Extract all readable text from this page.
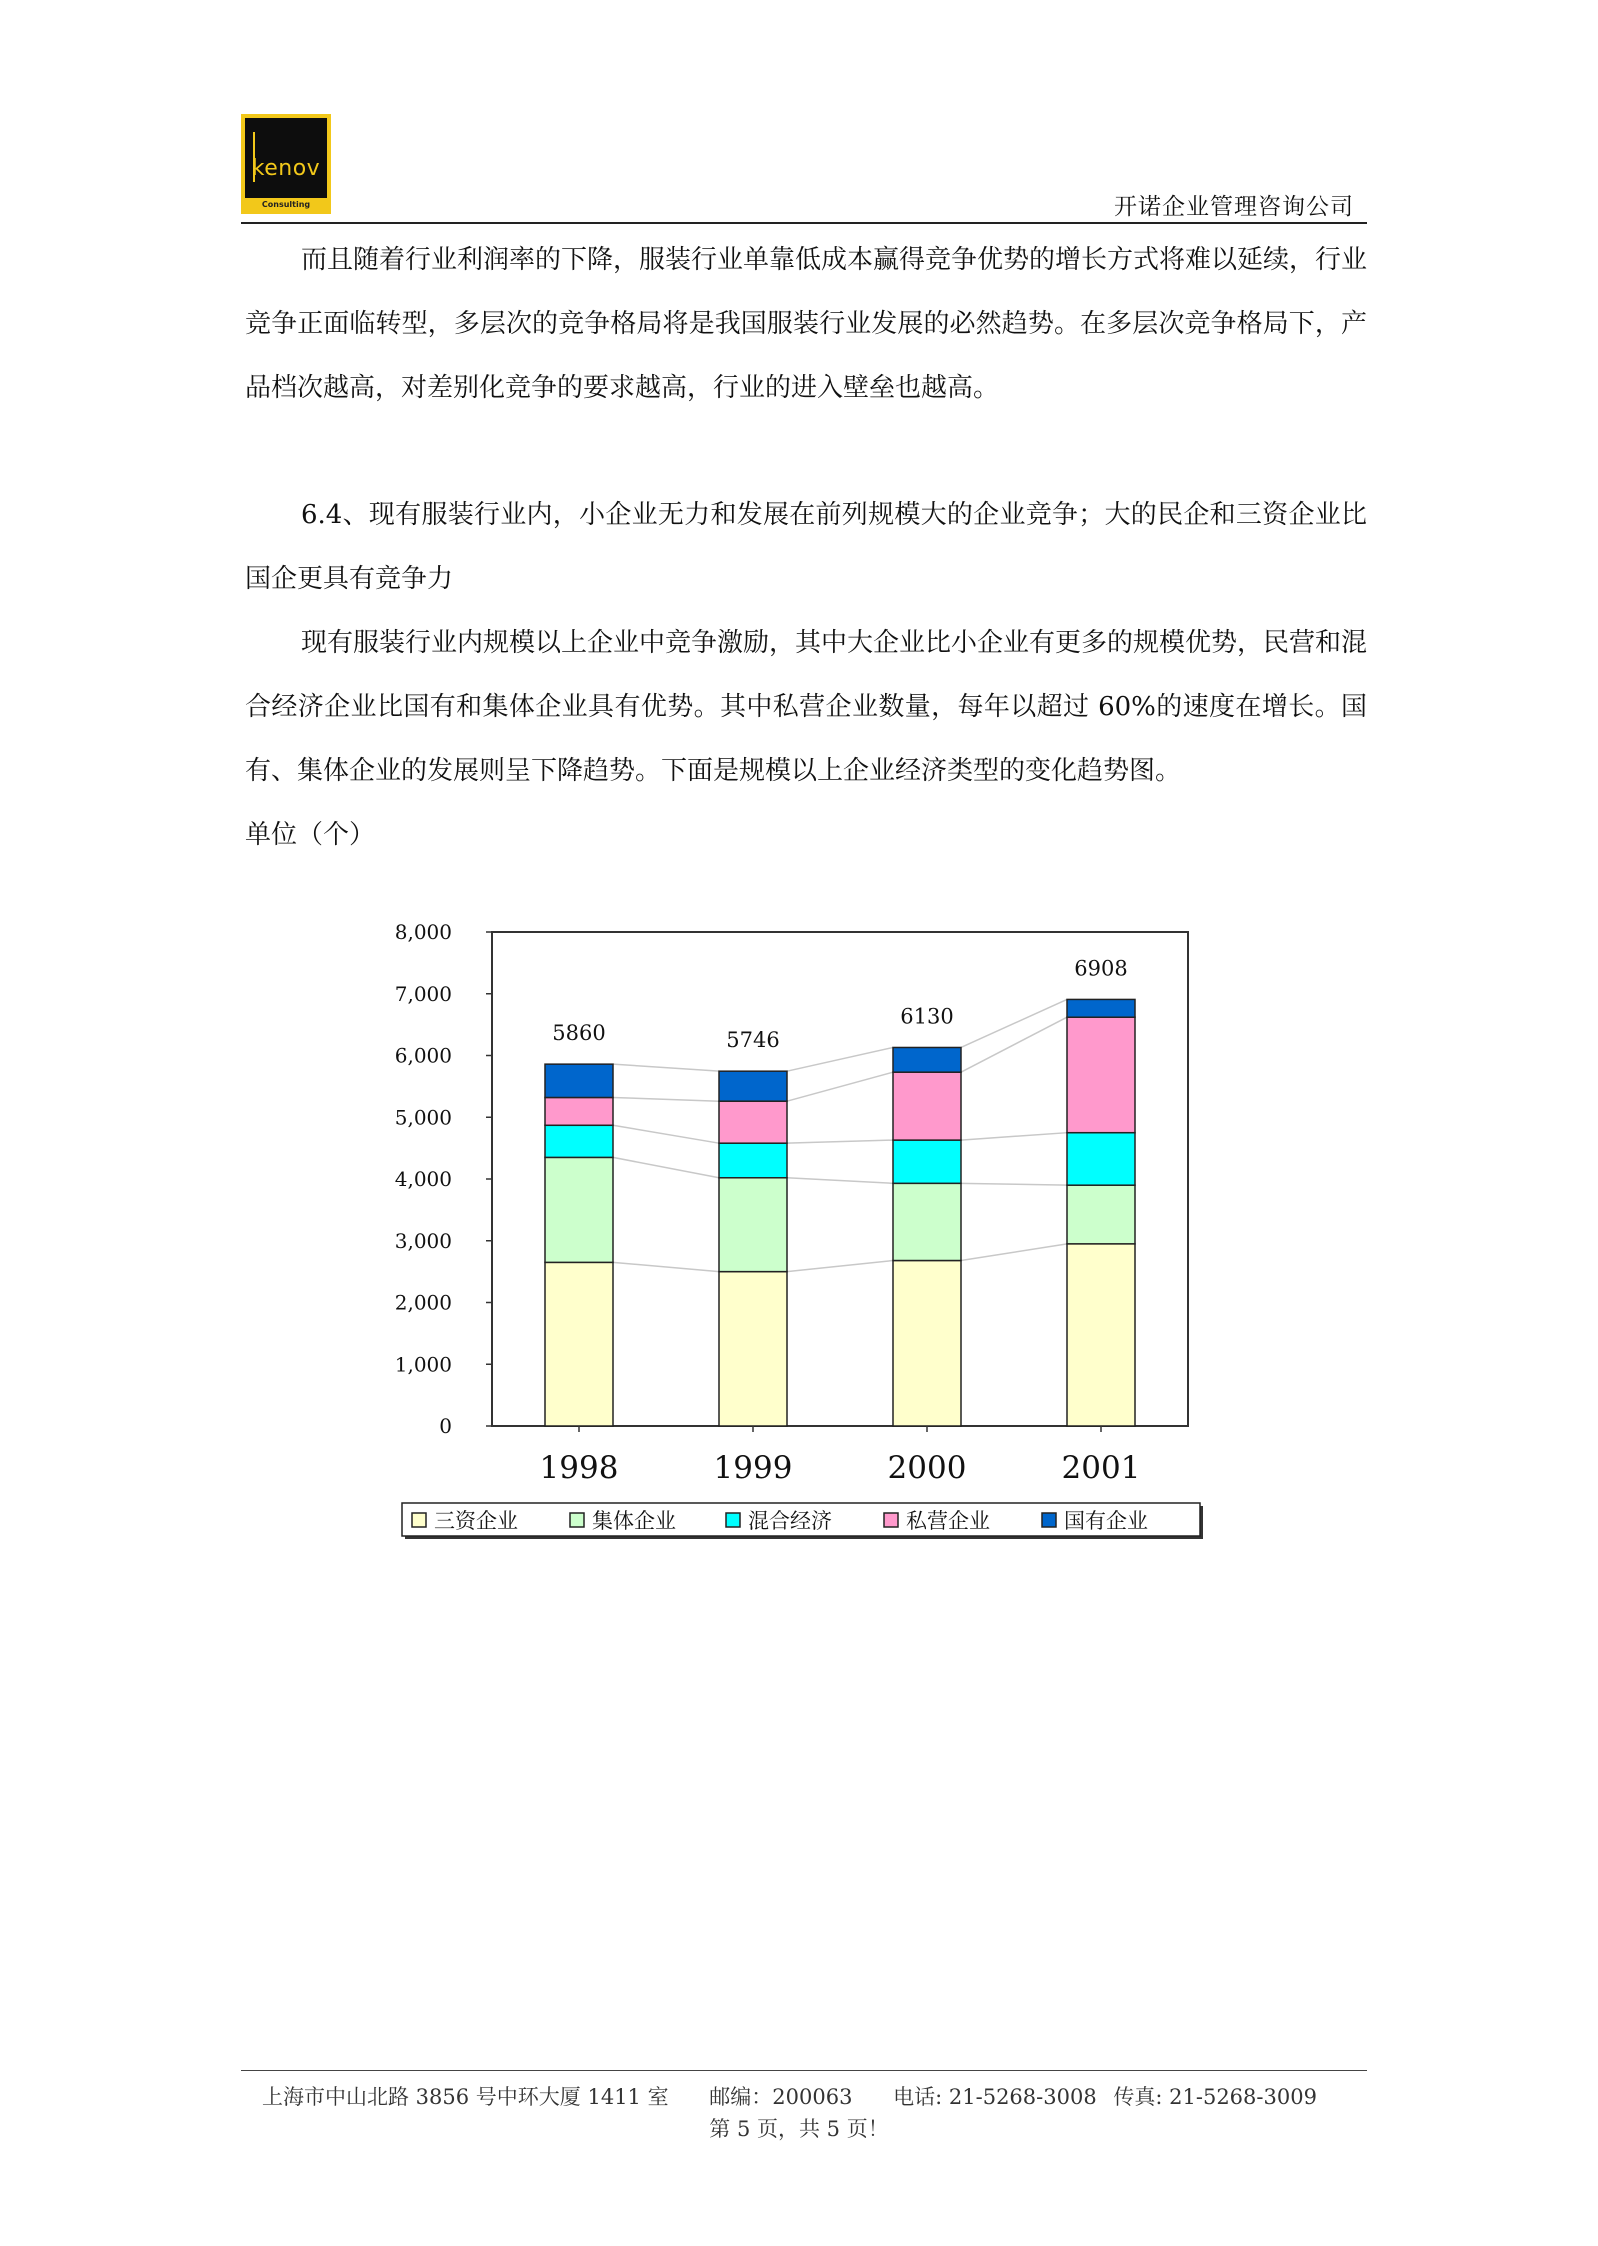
kenov
Consulting	开诺企业管理咨询公司

而且随着行业利润率的下降，服装行业单靠低成本赢得竞争优势的增长方式将难以延续，行业竞争正面临转型，多层次的竞争格局将是我国服装行业发展的必然趋势。在多层次竞争格局下，产品档次越高，对差别化竞争的要求越高，行业的进入壁垒也越高。

6.4、现有服装行业内，小企业无力和发展在前列规模大的企业竞争；大的民企和三资企业比国企更具有竞争力

现有服装行业内规模以上企业中竞争激励，其中大企业比小企业有更多的规模优势，民营和混合经济企业比国有和集体企业具有优势。其中私营企业数量，每年以超过 60%的速度在增长。国有、集体企业的发展则呈下降趋势。下面是规模以上企业经济类型的变化趋势图。

单位（个）

0
1,000
2,000
3,000
4,000
5,000
6,000
7,000
8,000
5860
1998
5746
1999
6130
2000
6908
2001
三资企业	集体企业	混合经济	私营企业	国有企业
上海市中山北路 3856 号中环大厦 1411 室 邮编：200063 电话: 21-5268-3008 传真: 21-5268-3009
第 5 页，共 5 页！
